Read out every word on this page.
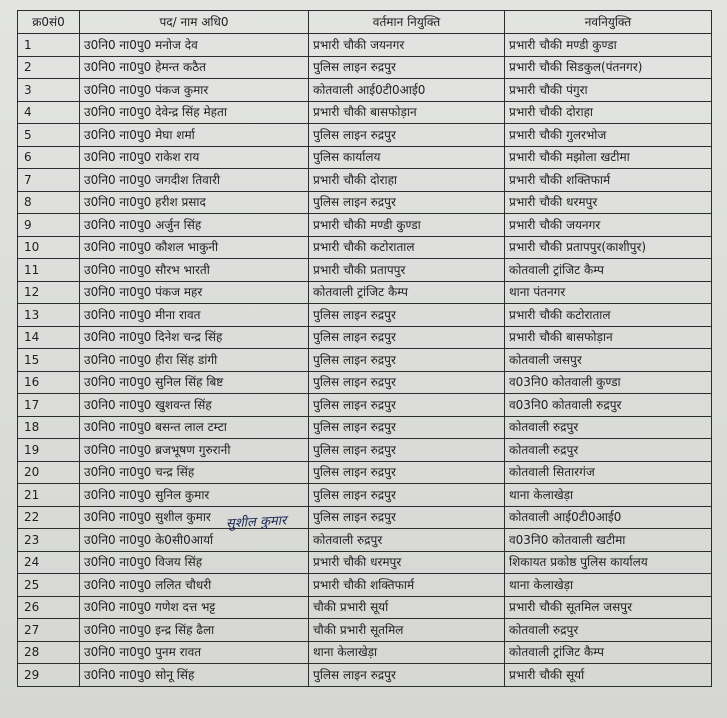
क्र0सं0	पद/ नाम अधि0	वर्तमान नियुक्ति	नवनियुक्ति
1	उ0नि0 ना0पु0 मनोज देव	प्रभारी चौकी जयनगर	प्रभारी चौकी मण्डी कुण्डा
2	उ0नि0 ना0पु0 हेमन्त कठैत	पुलिस लाइन रुद्रपुर	प्रभारी चौकी सिडकुल(पंतनगर)
3	उ0नि0 ना0पु0 पंकज कुमार	कोतवाली आई0टी0आई0	प्रभारी चौकी पंगुरा
4	उ0नि0 ना0पु0 देवेन्द्र सिंह मेहता	प्रभारी चौकी बासफोड़ान	प्रभारी चौकी दोराहा
5	उ0नि0 ना0पु0 मेघा शर्मा	पुलिस लाइन रुद्रपुर	प्रभारी चौकी गुलरभोज
6	उ0नि0 ना0पु0 राकेश राय	पुलिस कार्यालय	प्रभारी चौकी मझोला खटीमा
7	उ0नि0 ना0पु0 जगदीश तिवारी	प्रभारी चौकी दोराहा	प्रभारी चौकी शक्तिफार्म
8	उ0नि0 ना0पु0 हरीश प्रसाद	पुलिस लाइन रुद्रपुर	प्रभारी चौकी धरमपुर
9	उ0नि0 ना0पु0 अर्जुन सिंह	प्रभारी चौकी मण्डी कुण्डा	प्रभारी चौकी जयनगर
10	उ0नि0 ना0पु0 कौशल भाकुनी	प्रभारी चौकी कटोराताल	प्रभारी चौकी प्रतापपुर(काशीपुर)
11	उ0नि0 ना0पु0 सौरभ भारती	प्रभारी चौकी प्रतापपुर	कोतवाली ट्रांजिट कैम्प
12	उ0नि0 ना0पु0 पंकज महर	कोतवाली ट्रांजिट कैम्प	थाना पंतनगर
13	उ0नि0 ना0पु0 मीना रावत	पुलिस लाइन रुद्रपुर	प्रभारी चौकी कटोराताल
14	उ0नि0 ना0पु0 दिनेश चन्द्र सिंह	पुलिस लाइन रुद्रपुर	प्रभारी चौकी बासफोड़ान
15	उ0नि0 ना0पु0 हीरा सिंह डांगी	पुलिस लाइन रुद्रपुर	कोतवाली जसपुर
16	उ0नि0 ना0पु0 सुनिल सिंह बिष्ट	पुलिस लाइन रुद्रपुर	व03नि0 कोतवाली कुण्डा
17	उ0नि0 ना0पु0 खुशवन्त सिंह	पुलिस लाइन रुद्रपुर	व03नि0 कोतवाली रुद्रपुर
18	उ0नि0 ना0पु0 बसन्त लाल टम्टा	पुलिस लाइन रुद्रपुर	कोतवाली रुद्रपुर
19	उ0नि0 ना0पु0 ब्रजभूषण गुरुरानी	पुलिस लाइन रुद्रपुर	कोतवाली रुद्रपुर
20	उ0नि0 ना0पु0 चन्द्र सिंह	पुलिस लाइन रुद्रपुर	कोतवाली सितारगंज
21	उ0नि0 ना0पु0 सुनिल कुमार	पुलिस लाइन रुद्रपुर	थाना केलाखेड़ा
22	उ0नि0 ना0पु0 सुशील कुमार	पुलिस लाइन रुद्रपुर	कोतवाली आई0टी0आई0
23	उ0नि0 ना0पु0 के0सी0आर्या	कोतवाली रुद्रपुर	व03नि0 कोतवाली खटीमा
24	उ0नि0 ना0पु0 विजय सिंह	प्रभारी चौकी धरमपुर	शिकायत प्रकोष्ठ पुलिस कार्यालय
25	उ0नि0 ना0पु0 ललित चौधरी	प्रभारी चौकी शक्तिफार्म	थाना केलाखेड़ा
26	उ0नि0 ना0पु0 गणेश दत्त भट्ट	चौकी प्रभारी सूर्या	प्रभारी चौकी सूतमिल जसपुर
27	उ0नि0 ना0पु0 इन्द्र सिंह ढैला	चौकी प्रभारी सूतमिल	कोतवाली रुद्रपुर
28	उ0नि0 ना0पु0 पुनम रावत	थाना केलाखेड़ा	कोतवाली ट्रांजिट कैम्प
29	उ0नि0 ना0पु0 सोनू सिंह	पुलिस लाइन रुद्रपुर	प्रभारी चौकी सूर्या
सुशील कुमार
